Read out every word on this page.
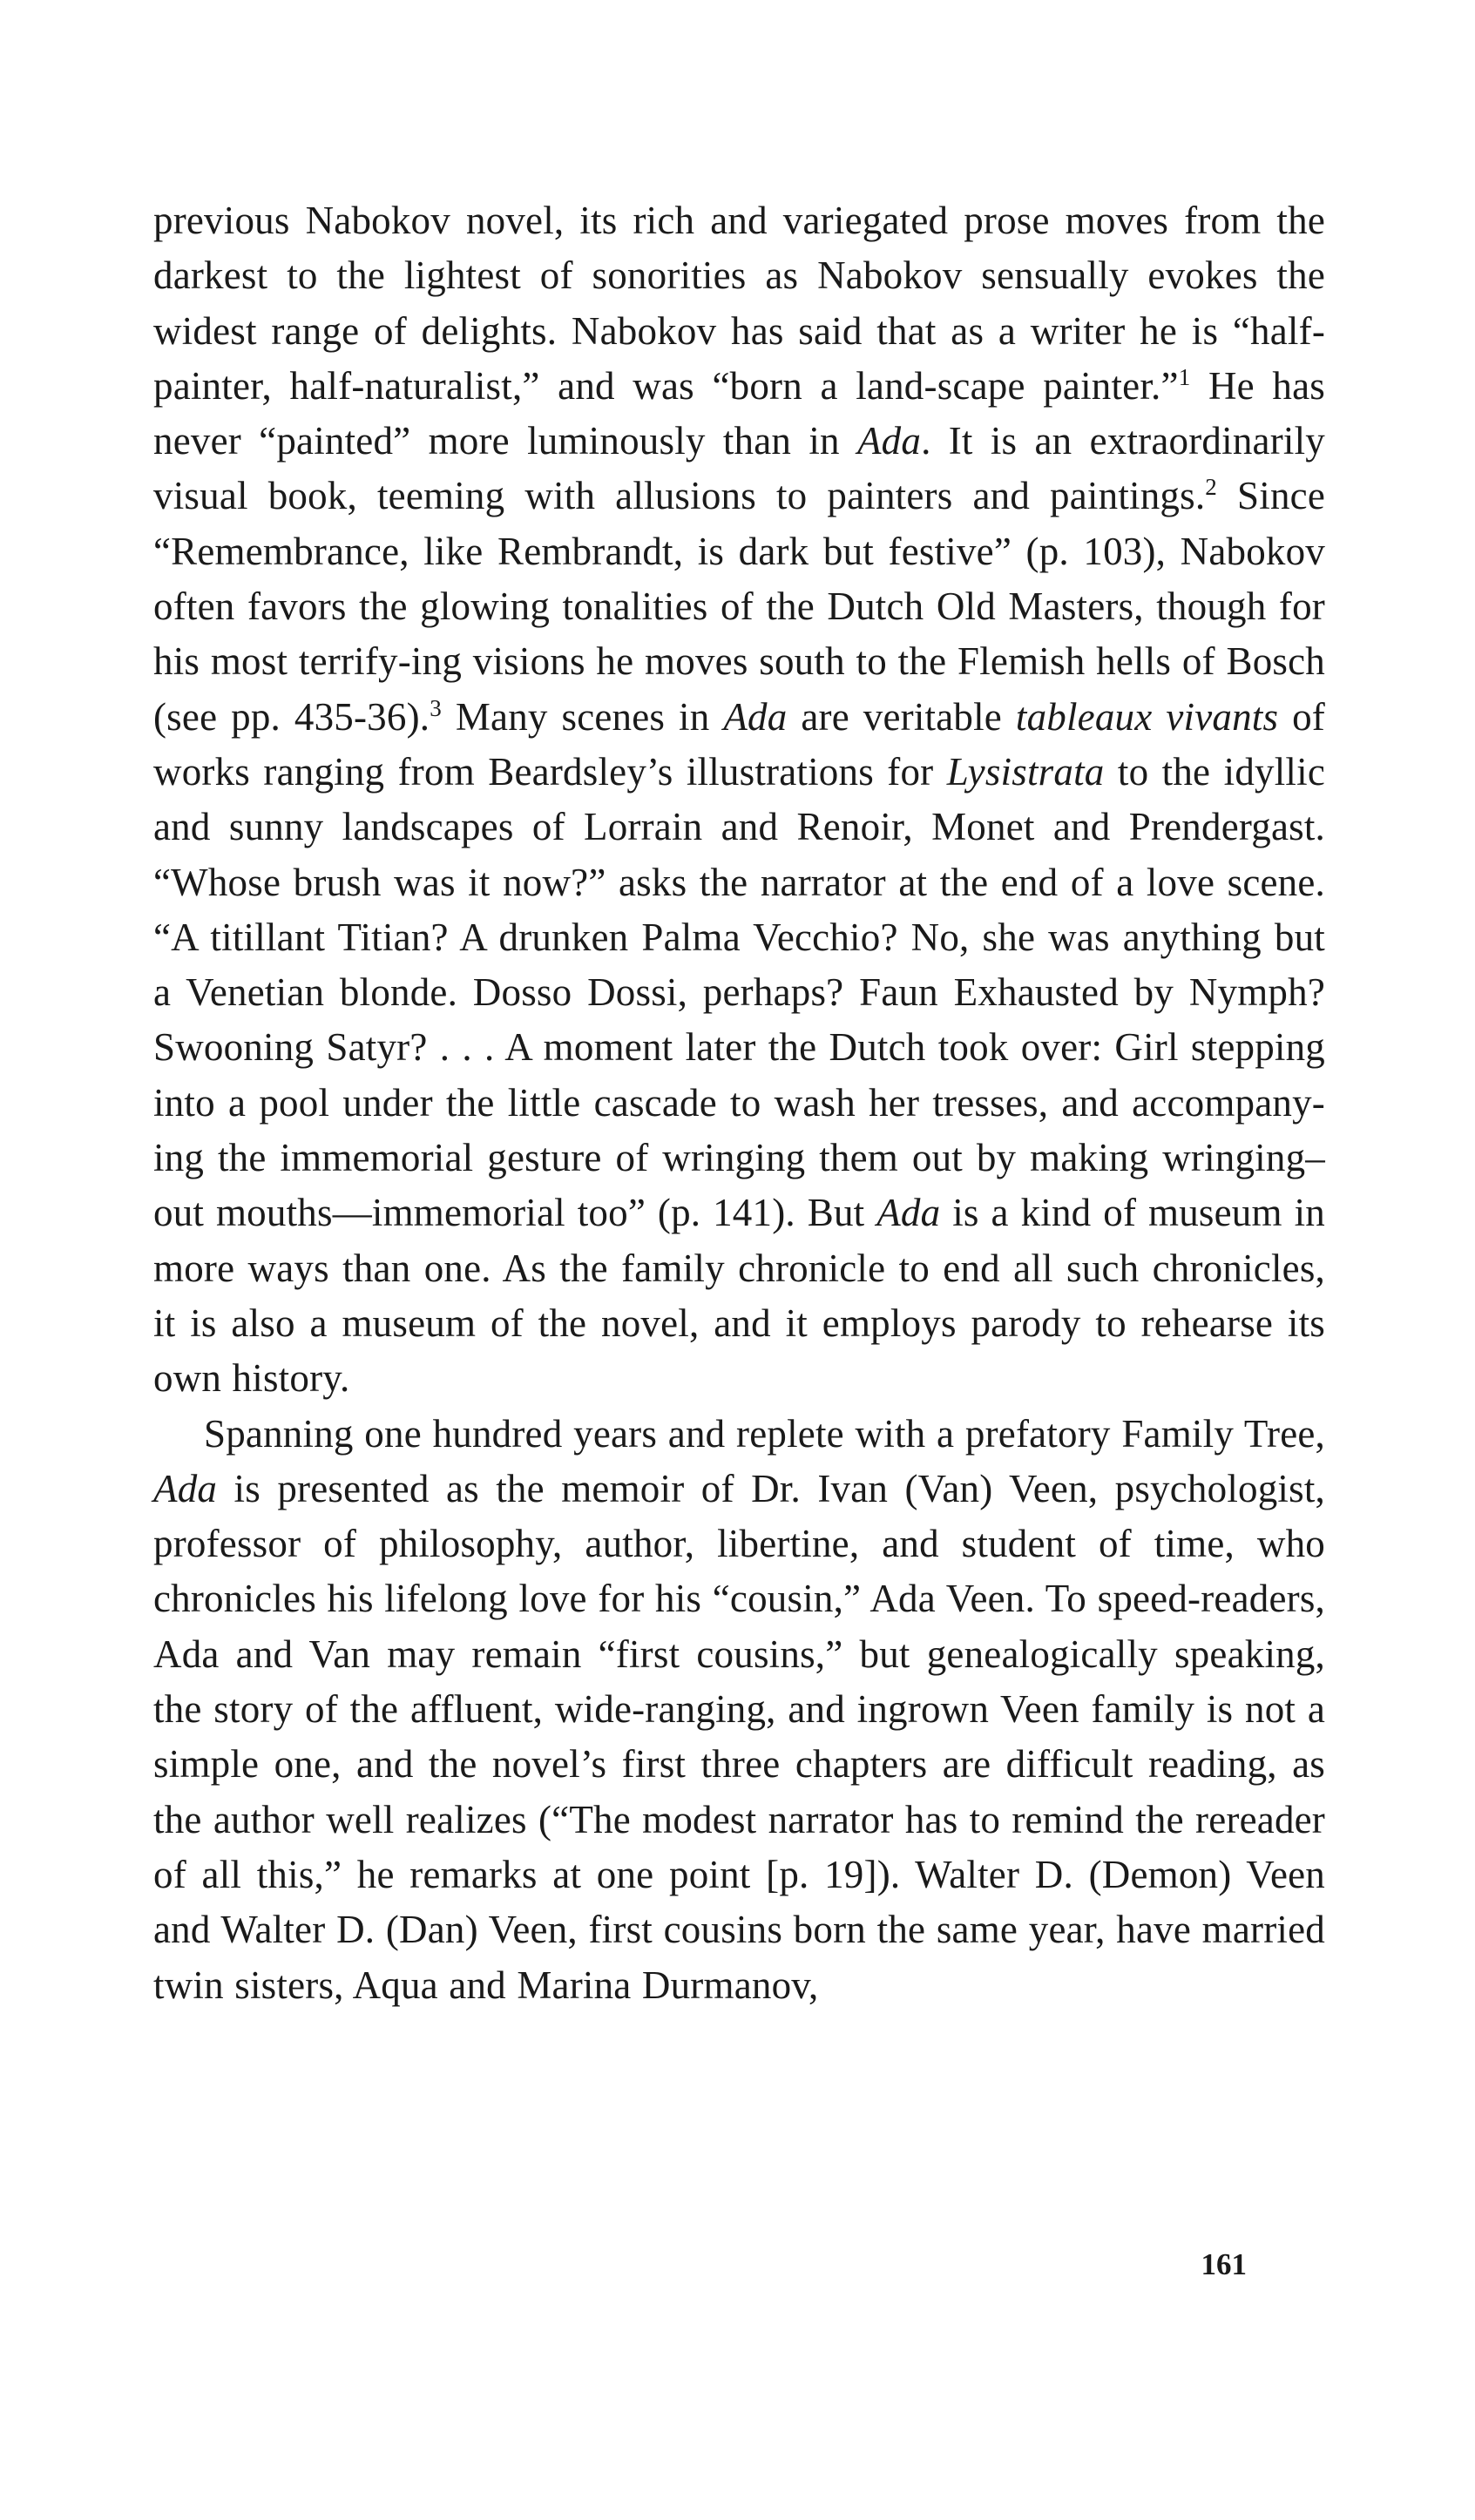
previous Nabokov novel, its rich and variegated prose moves from the darkest to the lightest of sonorities as Nabokov sensually evokes the widest range of delights. Nabokov has said that as a writer he is “half-painter, half-naturalist,” and was “born a land-scape painter.”$^1$ He has never “painted” more luminously than in Ada. It is an extraordinarily visual book, teeming with allusions to painters and paintings.$^2$ Since “Remembrance, like Rembrandt, is dark but festive” (p. 103), Nabokov often favors the glowing tonalities of the Dutch Old Masters, though for his most terrify-ing visions he moves south to the Flemish hells of Bosch (see pp. 435-36).$^3$ Many scenes in Ada are veritable tableaux vivants of works ranging from Beardsley’s illustrations for Lysistrata to the idyllic and sunny landscapes of Lorrain and Renoir, Monet and Prendergast. “Whose brush was it now?” asks the narrator at the end of a love scene. “A titillant Titian? A drunken Palma Vecchio? No, she was anything but a Venetian blonde. Dosso Dossi, perhaps? Faun Exhausted by Nymph? Swooning Satyr? . . . A moment later the Dutch took over: Girl stepping into a pool under the little cascade to wash her tresses, and accompany-ing the immemorial gesture of wringing them out by making wringing–out mouths—immemorial too” (p. 141). But Ada is a kind of museum in more ways than one. As the family chronicle to end all such chronicles, it is also a museum of the novel, and it employs parody to rehearse its own history.

Spanning one hundred years and replete with a prefatory Family Tree, Ada is presented as the memoir of Dr. Ivan (Van) Veen, psychologist, professor of philosophy, author, libertine, and student of time, who chronicles his lifelong love for his “cousin,” Ada Veen. To speed-readers, Ada and Van may remain “first cousins,” but genealogically speaking, the story of the affluent, wide-ranging, and ingrown Veen family is not a simple one, and the novel’s first three chapters are difficult reading, as the author well realizes (“The modest narrator has to remind the rereader of all this,” he remarks at one point [p. 19]). Walter D. (Demon) Veen and Walter D. (Dan) Veen, first cousins born the same year, have married twin sisters, Aqua and Marina Durmanov,

161
